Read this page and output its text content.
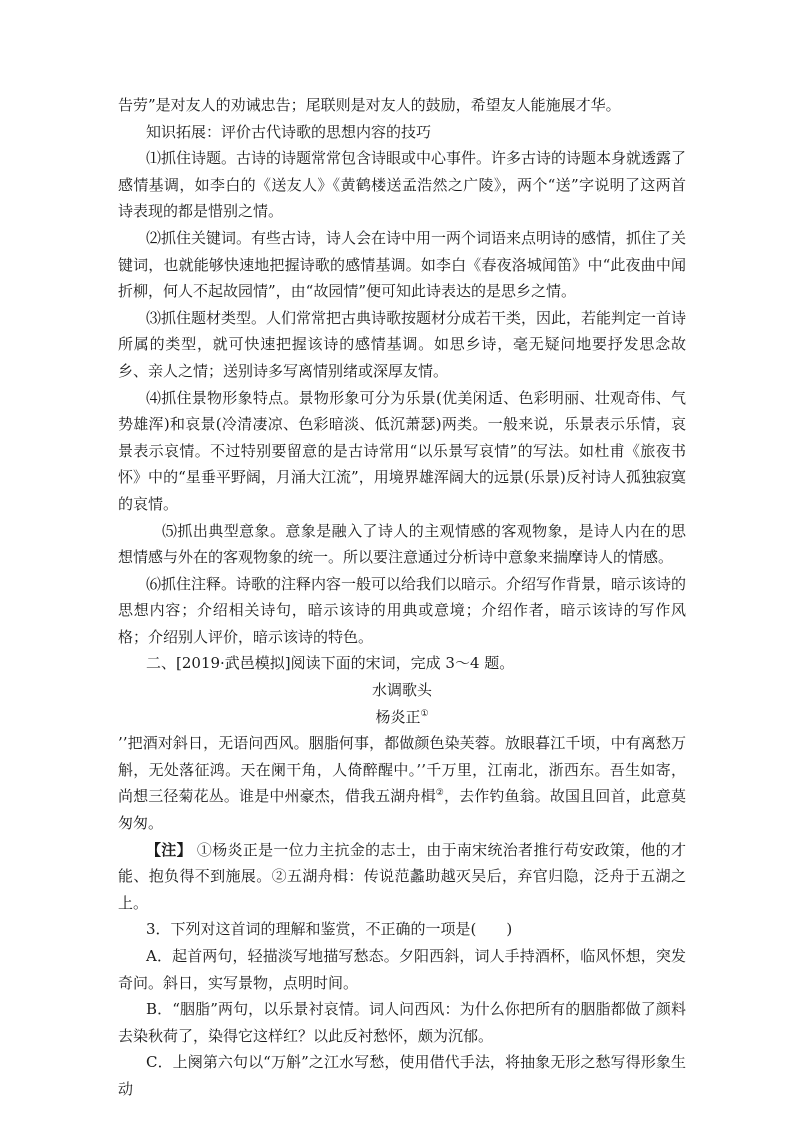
告劳”是对友人的劝诫忠告；尾联则是对友人的鼓励，希望友人能施展才华。

知识拓展：评价古代诗歌的思想内容的技巧

⑴抓住诗题。古诗的诗题常常包含诗眼或中心事件。许多古诗的诗题本身就透露了感情基调，如李白的《送友人》《黄鹤楼送孟浩然之广陵》，两个“送”字说明了这两首诗表现的都是惜别之情。

⑵抓住关键词。有些古诗，诗人会在诗中用一两个词语来点明诗的感情，抓住了关键词，也就能够快速地把握诗歌的感情基调。如李白《春夜洛城闻笛》中“此夜曲中闻折柳，何人不起故园情”，由“故园情”便可知此诗表达的是思乡之情。

⑶抓住题材类型。人们常常把古典诗歌按题材分成若干类，因此，若能判定一首诗所属的类型，就可快速把握该诗的感情基调。如思乡诗，毫无疑问地要抒发思念故乡、亲人之情；送别诗多写离情别绪或深厚友情。

⑷抓住景物形象特点。景物形象可分为乐景(优美闲适、色彩明丽、壮观奇伟、气势雄浑)和哀景(冷清凄凉、色彩暗淡、低沉萧瑟)两类。一般来说，乐景表示乐情，哀景表示哀情。不过特别要留意的是古诗常用“以乐景写哀情”的写法。如杜甫《旅夜书怀》中的“星垂平野阔，月涌大江流”，用境界雄浑阔大的远景(乐景)反衬诗人孤独寂寞的哀情。

⑸抓出典型意象。意象是融入了诗人的主观情感的客观物象，是诗人内在的思想情感与外在的客观物象的统一。所以要注意通过分析诗中意象来揣摩诗人的情感。

⑹抓住注释。诗歌的注释内容一般可以给我们以暗示。介绍写作背景，暗示该诗的思想内容；介绍相关诗句，暗示该诗的用典或意境；介绍作者，暗示该诗的写作风格；介绍别人评价，暗示该诗的特色。

二、[2019·武邑模拟]阅读下面的宋词，完成 3～4 题。

水调歌头

杨炎正①

’’把酒对斜日，无语问西风。胭脂何事，都做颜色染芙蓉。放眼暮江千顷，中有离愁万斛，无处落征鸿。天在阑干角，人倚醉醒中。’’千万里，江南北，浙西东。吾生如寄，尚想三径菊花丛。谁是中州豪杰，借我五湖舟楫②，去作钓鱼翁。故国且回首，此意莫匆匆。

【注】 ①杨炎正是一位力主抗金的志士，由于南宋统治者推行苟安政策，他的才能、抱负得不到施展。②五湖舟楫：传说范蠡助越灭吴后，弃官归隐，泛舟于五湖之上。

3．下列对这首词的理解和鉴赏，不正确的一项是(　　)

A．起首两句，轻描淡写地描写愁态。夕阳西斜，词人手持酒杯，临风怀想，突发奇问。斜日，实写景物，点明时间。

B．“胭脂”两句，以乐景衬哀情。词人问西风：为什么你把所有的胭脂都做了颜料去染秋荷了，染得它这样红？以此反衬愁怀，颇为沉郁。

C．上阕第六句以“万斛”之江水写愁，使用借代手法，将抽象无形之愁写得形象生动
